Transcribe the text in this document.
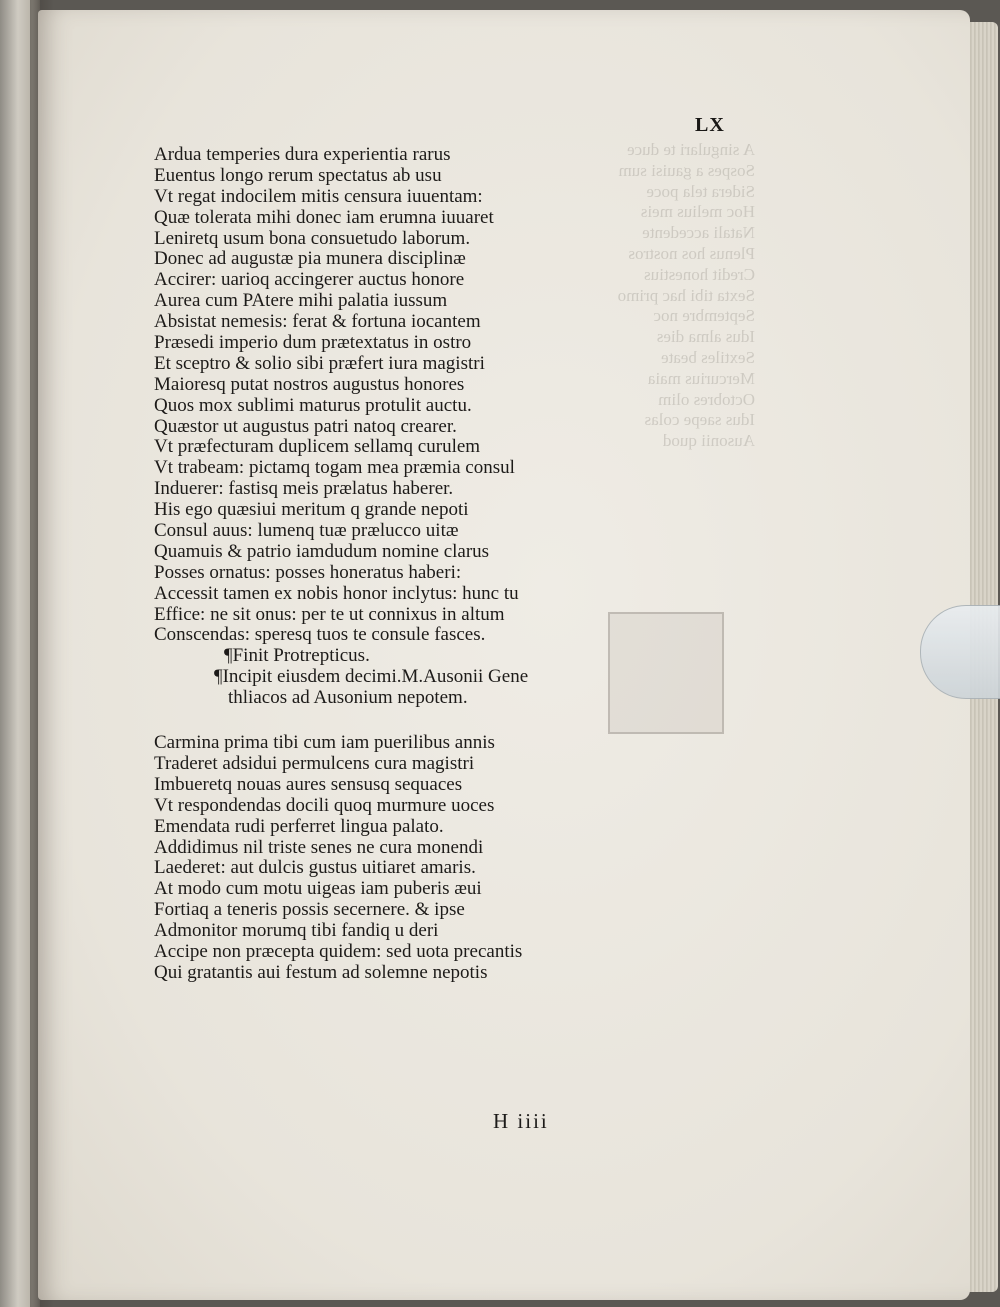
A singulari te duce
Sospes a gauisi sum
Sidera tela poce
Hoc melius meis
Natali accedente
Plenus hos nostros
Credit honestius
Sexta tibi hac primo
Septembre noc
Idus alma dies
Sextiles beate
Mercurius maia
Octobres olim
Idus saepe colas
Ausonii quod
LX
Ardua temperies dura experientia rarus
Euentus longo rerum spectatus ab usu
Vt regat indocilem mitis censura iuuentam:
Quæ tolerata mihi donec iam erumna iuuaret
Leniretq usum bona consuetudo laborum.
Donec ad augustæ pia munera disciplinæ
Accirer: uarioq accingerer auctus honore
Aurea cum PAtere mihi palatia iussum
Absistat nemesis: ferat & fortuna iocantem
Præsedi imperio dum prætextatus in ostro
Et sceptro & solio sibi præfert iura magistri
Maioresq putat nostros augustus honores
Quos mox sublimi maturus protulit auctu.
Quæstor ut augustus patri natoq crearer.
Vt præfecturam duplicem sellamq curulem
Vt trabeam: pictamq togam mea præmia consul
Induerer: fastisq meis prælatus haberer.
His ego quæsiui meritum q grande nepoti
Consul auus: lumenq tuæ prælucco uitæ
Quamuis & patrio iamdudum nomine clarus
Posses ornatus: posses honeratus haberi:
Accessit tamen ex nobis honor inclytus: hunc tu
Effice: ne sit onus: per te ut connixus in altum
Conscendas: speresq tuos te consule fasces.
¶Finit Protrepticus.
¶Incipit eiusdem decimi.M.Ausonii Gene
thliacos ad Ausonium nepotem.
Carmina prima tibi cum iam puerilibus annis
Traderet adsidui permulcens cura magistri
Imbueretq nouas aures sensusq sequaces
Vt respondendas docili quoq murmure uoces
Emendata rudi perferret lingua palato.
Addidimus nil triste senes ne cura monendi
Laederet: aut dulcis gustus uitiaret amaris.
At modo cum motu uigeas iam puberis æui
Fortiaq a teneris possis secernere. & ipse
Admonitor morumq tibi fandiq u deri
Accipe non præcepta quidem: sed uota precantis
Qui gratantis aui festum ad solemne nepotis
H iiii
